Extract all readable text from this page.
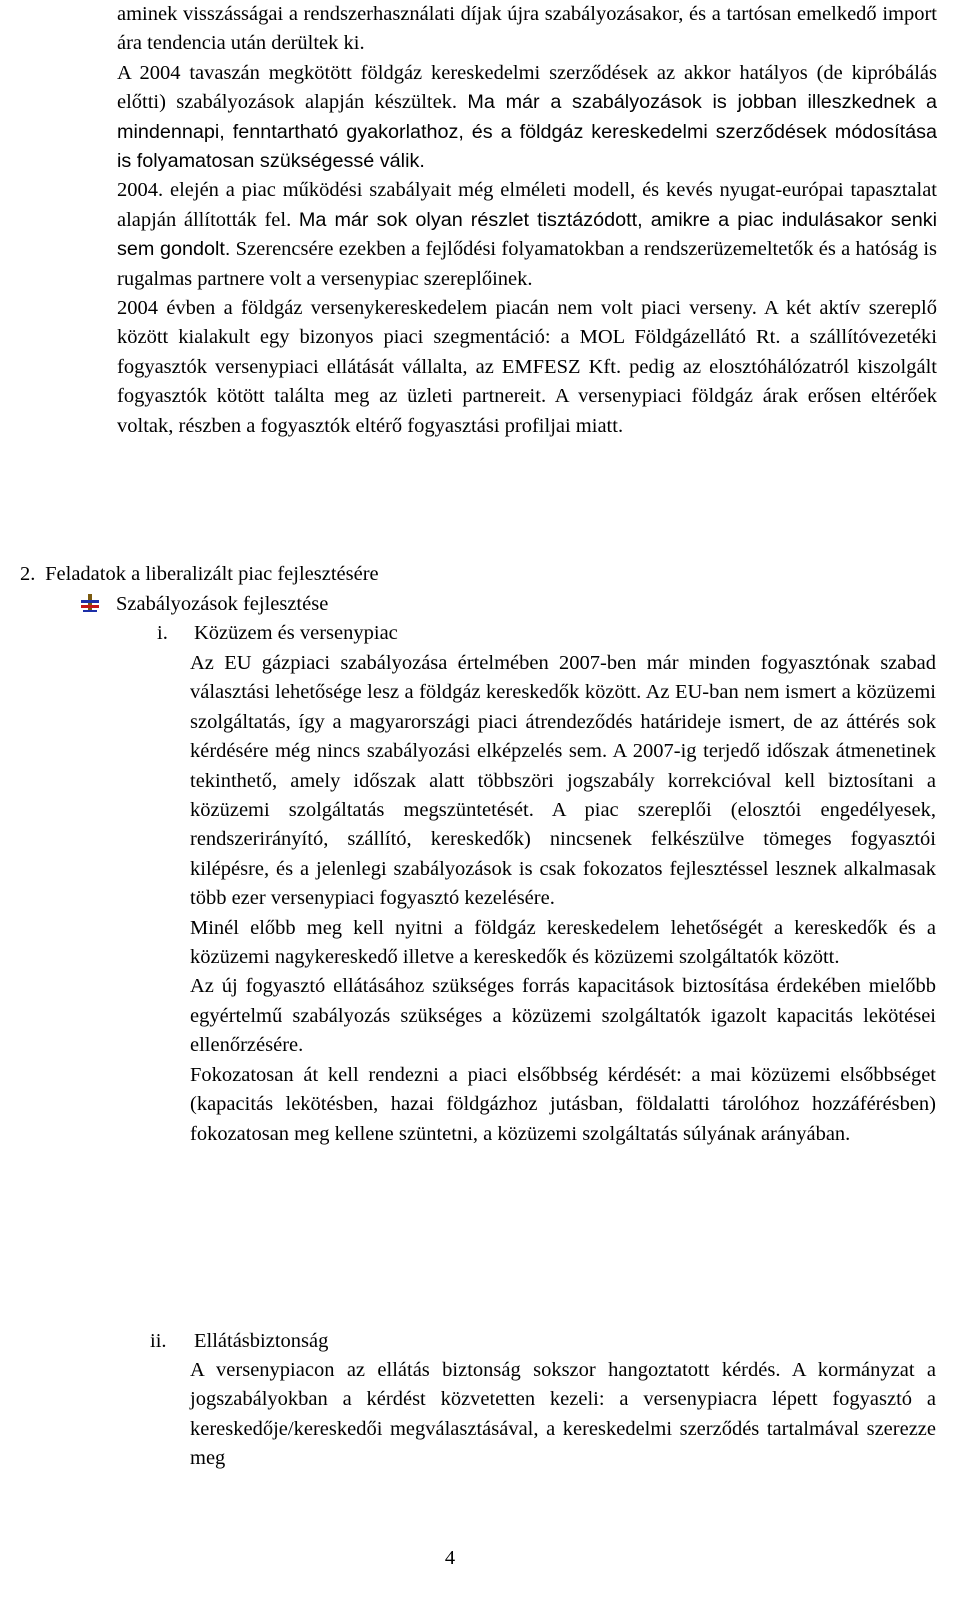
aminek visszásságai a rendszerhasználati díjak újra szabályozásakor, és a tartósan emelkedő import ára tendencia után derültek ki.

A 2004 tavaszán megkötött földgáz kereskedelmi szerződések az akkor hatályos (de kipróbálás előtti) szabályozások alapján készültek. Ma már a szabályozások is jobban illeszkednek a mindennapi, fenntartható gyakorlathoz, és a földgáz kereskedelmi szerződések módosítása is folyamatosan szükségessé válik.

2004. elején a piac működési szabályait még elméleti modell, és kevés nyugat-európai tapasztalat alapján állították fel. Ma már sok olyan részlet tisztázódott, amikre a piac indulásakor senki sem gondolt. Szerencsére ezekben a fejlődési folyamatokban a rendszerüzemeltetők és a hatóság is rugalmas partnere volt a versenypiac szereplőinek.

2004 évben a földgáz versenykereskedelem piacán nem volt piaci verseny. A két aktív szereplő között kialakult egy bizonyos piaci szegmentáció: a MOL Földgázellátó Rt. a szállítóvezetéki fogyasztók versenypiaci ellátását vállalta, az EMFESZ Kft. pedig az elosztóhálózatról kiszolgált fogyasztók kötött találta meg az üzleti partnereit. A versenypiaci földgáz árak erősen eltérőek voltak, részben a fogyasztók eltérő fogyasztási profiljai miatt.

2. Feladatok a liberalizált piac fejlesztésére
Szabályozások fejlesztése
i. Közüzem és versenypiac

Az EU gázpiaci szabályozása értelmében 2007-ben már minden fogyasztónak szabad választási lehetősége lesz a földgáz kereskedők között. Az EU-ban nem ismert a közüzemi szolgáltatás, így a magyarországi piaci átrendeződés határideje ismert, de az áttérés sok kérdésére még nincs szabályozási elképzelés sem. A 2007-ig terjedő időszak átmenetinek tekinthető, amely időszak alatt többszöri jogszabály korrekcióval kell biztosítani a közüzemi szolgáltatás megszüntetését. A piac szereplői (elosztói engedélyesek, rendszerirányító, szállító, kereskedők) nincsenek felkészülve tömeges fogyasztói kilépésre, és a jelenlegi szabályozások is csak fokozatos fejlesztéssel lesznek alkalmasak több ezer versenypiaci fogyasztó kezelésére.

Minél előbb meg kell nyitni a földgáz kereskedelem lehetőségét a kereskedők és a közüzemi nagykereskedő illetve a kereskedők és közüzemi szolgáltatók között.

Az új fogyasztó ellátásához szükséges forrás kapacitások biztosítása érdekében mielőbb egyértelmű szabályozás szükséges a közüzemi szolgáltatók igazolt kapacitás lekötései ellenőrzésére.

Fokozatosan át kell rendezni a piaci elsőbbség kérdését: a mai közüzemi elsőbbséget (kapacitás lekötésben, hazai földgázhoz jutásban, földalatti tárolóhoz hozzáférésben) fokozatosan meg kellene szüntetni, a közüzemi szolgáltatás súlyának arányában.

ii. Ellátásbiztonság

A versenypiacon az ellátás biztonság sokszor hangoztatott kérdés. A kormányzat a jogszabályokban a kérdést közvetetten kezeli: a versenypiacra lépett fogyasztó a kereskedője/kereskedői megválasztásával, a kereskedelmi szerződés tartalmával szerezze meg

4
